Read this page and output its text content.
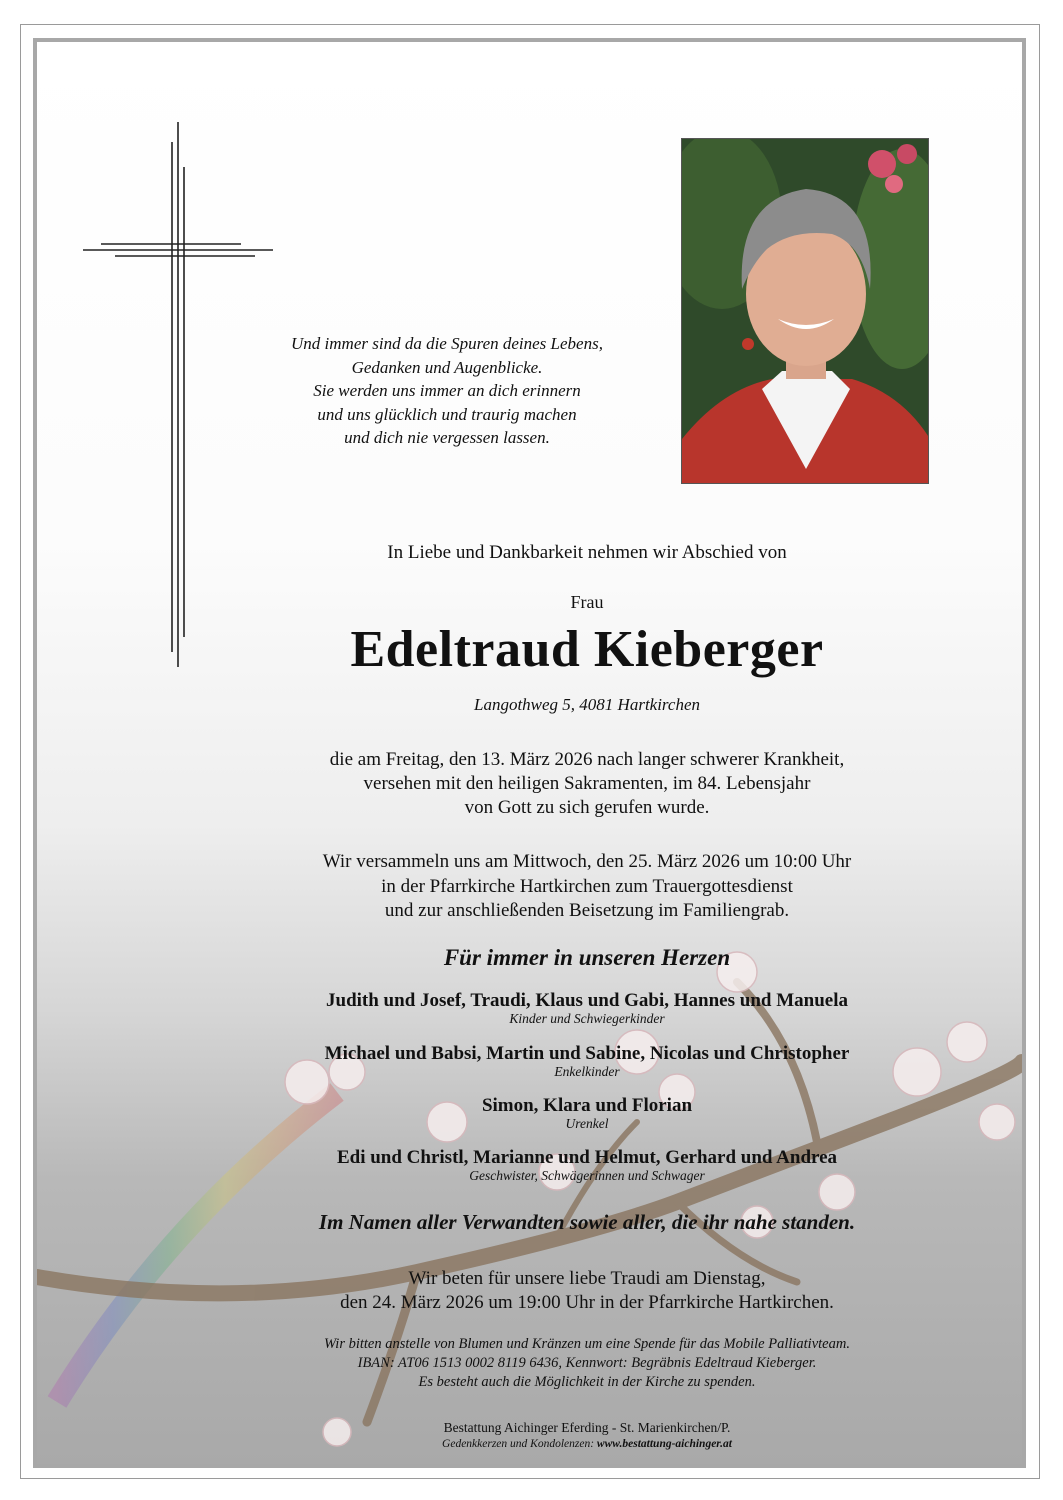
Und immer sind da die Spuren deines Lebens,
Gedanken und Augenblicke.
Sie werden uns immer an dich erinnern
und uns glücklich und traurig machen
und dich nie vergessen lassen.
In Liebe und Dankbarkeit nehmen wir Abschied von
Frau
Edeltraud Kieberger
Langothweg 5, 4081 Hartkirchen
die am Freitag, den 13. März 2026 nach langer schwerer Krankheit,
versehen mit den heiligen Sakramenten, im 84. Lebensjahr
von Gott zu sich gerufen wurde.
Wir versammeln uns am Mittwoch, den 25. März 2026 um 10:00 Uhr
in der Pfarrkirche Hartkirchen zum Trauergottesdienst
und zur anschließenden Beisetzung im Familiengrab.
Für immer in unseren Herzen
Judith und Josef, Traudi, Klaus und Gabi, Hannes und Manuela
Kinder und Schwiegerkinder
Michael und Babsi, Martin und Sabine, Nicolas und Christopher
Enkelkinder
Simon, Klara und Florian
Urenkel
Edi und Christl, Marianne und Helmut, Gerhard und Andrea
Geschwister, Schwägerinnen und Schwager
Im Namen aller Verwandten sowie aller, die ihr nahe standen.
Wir beten für unsere liebe Traudi am Dienstag,
den 24. März 2026 um 19:00 Uhr in der Pfarrkirche Hartkirchen.
Wir bitten anstelle von Blumen und Kränzen um eine Spende für das Mobile Palliativteam.
IBAN: AT06 1513 0002 8119 6436, Kennwort: Begräbnis Edeltraud Kieberger.
Es besteht auch die Möglichkeit in der Kirche zu spenden.
Bestattung Aichinger Eferding - St. Marienkirchen/P.
Gedenkkerzen und Kondolenzen: www.bestattung-aichinger.at
